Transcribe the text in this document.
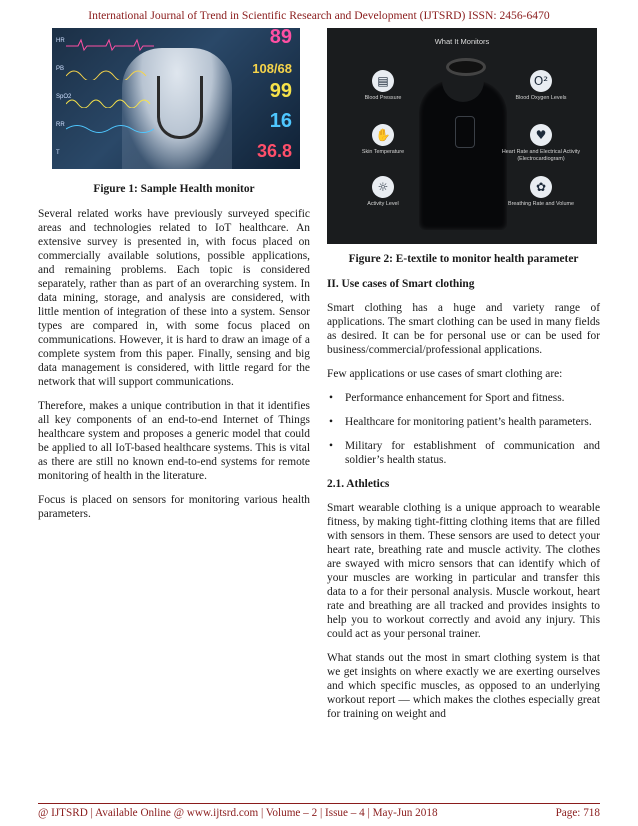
International Journal of Trend in Scientific Research and Development (IJTSRD) ISSN: 2456-6470
HR	89
PB	108/68
SpO2	99
RR	16
T	36.8
Figure 1: Sample Health monitor

Several related works have previously surveyed specific areas and technologies related to IoT healthcare. An extensive survey is presented in, with focus placed on commercially available solutions, possible applications, and remaining problems. Each topic is considered separately, rather than as part of an overarching system. In data mining, storage, and analysis are considered, with little mention of integration of these into a system. Sensor types are compared in, with some focus placed on communications. However, it is hard to draw an image of a complete system from this paper. Finally, sensing and big data management is considered, with little regard for the network that will support communications.

Therefore, makes a unique contribution in that it identifies all key components of an end-to-end Internet of Things healthcare system and proposes a generic model that could be applied to all IoT-based healthcare systems. This is vital as there are still no known end-to-end systems for remote monitoring of health in the literature.

Focus is placed on sensors for monitoring various health parameters.

What It Monitors
▤
Blood Pressure
O²
Blood Oxygen Levels
✋
Skin Temperature
♥
Heart Rate and Electrical Activity (Electrocardiogram)
☼
Activity Level
✿
Breathing Rate and Volume
Figure 2: E-textile to monitor health parameter
II. Use cases of Smart clothing

Smart clothing has a huge and variety range of applications. The smart clothing can be used in many fields as desired. It can be for personal use or can be used for business/commercial/professional applications.

Few applications or use cases of smart clothing are:

• Performance enhancement for Sport and fitness.
• Healthcare for monitoring patient’s health parameters.
• Military for establishment of communication and soldier’s health status.
2.1. Athletics

Smart wearable clothing is a unique approach to wearable fitness, by making tight-fitting clothing items that are filled with sensors in them. These sensors are used to detect your heart rate, breathing rate and muscle activity. The clothes are swayed with micro sensors that can identify which of your muscles are working in particular and transfer this data to a for their personal analysis. Muscle workout, heart rate and breathing are all tracked and provides insights to help you to workout correctly and avoid any injury. This could act as your personal trainer.

What stands out the most in smart clothing system is that we get insights on where exactly we are exerting ourselves and which specific muscles, as opposed to an underlying workout report — which makes the clothes especially great for training on weight and

@ IJTSRD | Available Online @ www.ijtsrd.com | Volume – 2 | Issue – 4 | May-Jun 2018	Page: 718
